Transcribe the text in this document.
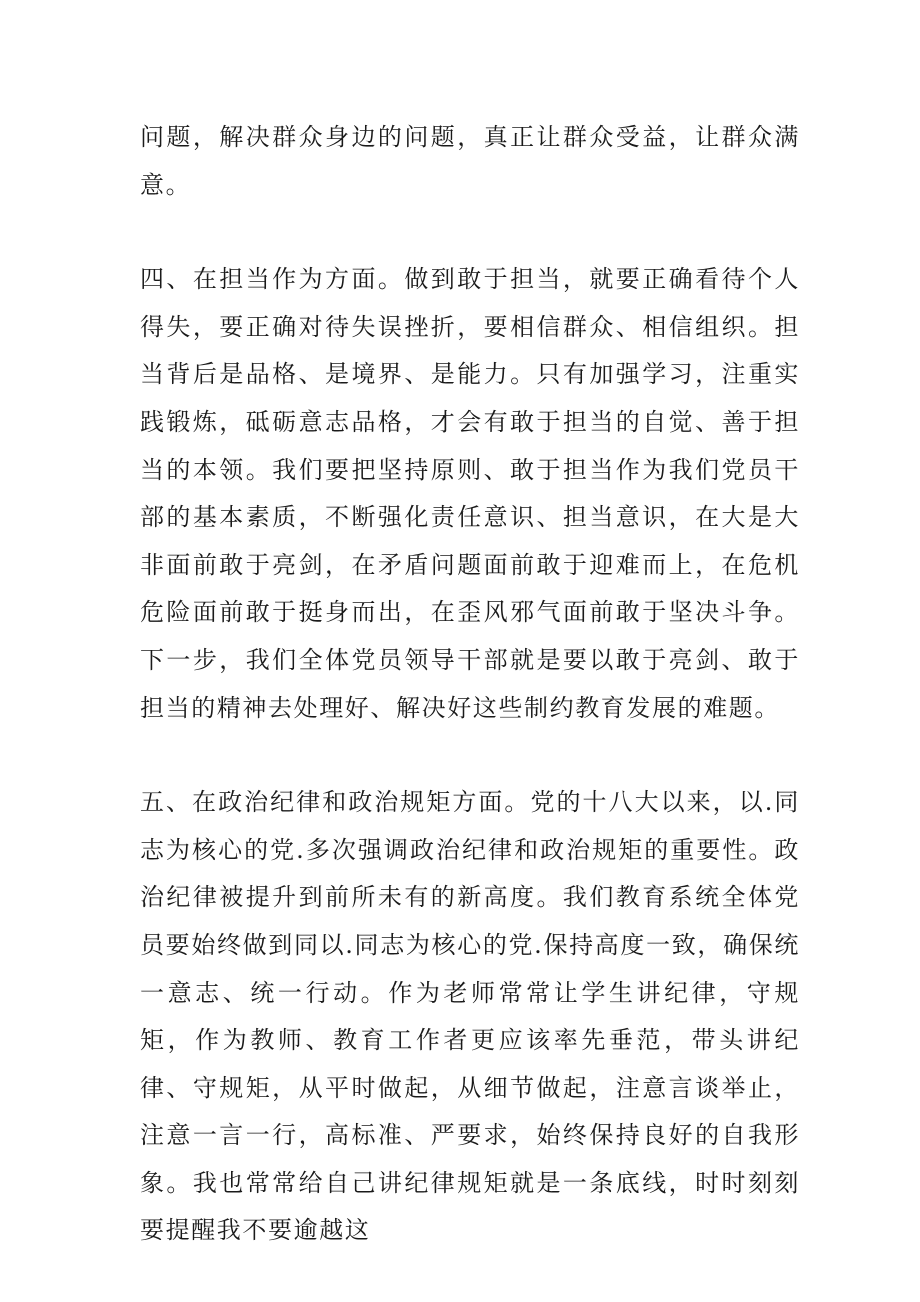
问题，解决群众身边的问题，真正让群众受益，让群众满意。

四、在担当作为方面。做到敢于担当，就要正确看待个人得失，要正确对待失误挫折，要相信群众、相信组织。担当背后是品格、是境界、是能力。只有加强学习，注重实践锻炼，砥砺意志品格，才会有敢于担当的自觉、善于担当的本领。我们要把坚持原则、敢于担当作为我们党员干部的基本素质，不断强化责任意识、担当意识，在大是大非面前敢于亮剑，在矛盾问题面前敢于迎难而上，在危机危险面前敢于挺身而出，在歪风邪气面前敢于坚决斗争。下一步，我们全体党员领导干部就是要以敢于亮剑、敢于担当的精神去处理好、解决好这些制约教育发展的难题。

五、在政治纪律和政治规矩方面。党的十八大以来，以.同志为核心的党.多次强调政治纪律和政治规矩的重要性。政治纪律被提升到前所未有的新高度。我们教育系统全体党员要始终做到同以.同志为核心的党.保持高度一致，确保统一意志、统一行动。作为老师常常让学生讲纪律，守规矩，作为教师、教育工作者更应该率先垂范，带头讲纪律、守规矩，从平时做起，从细节做起，注意言谈举止，注意一言一行，高标准、严要求，始终保持良好的自我形象。我也常常给自己讲纪律规矩就是一条底线，时时刻刻要提醒我不要逾越这
